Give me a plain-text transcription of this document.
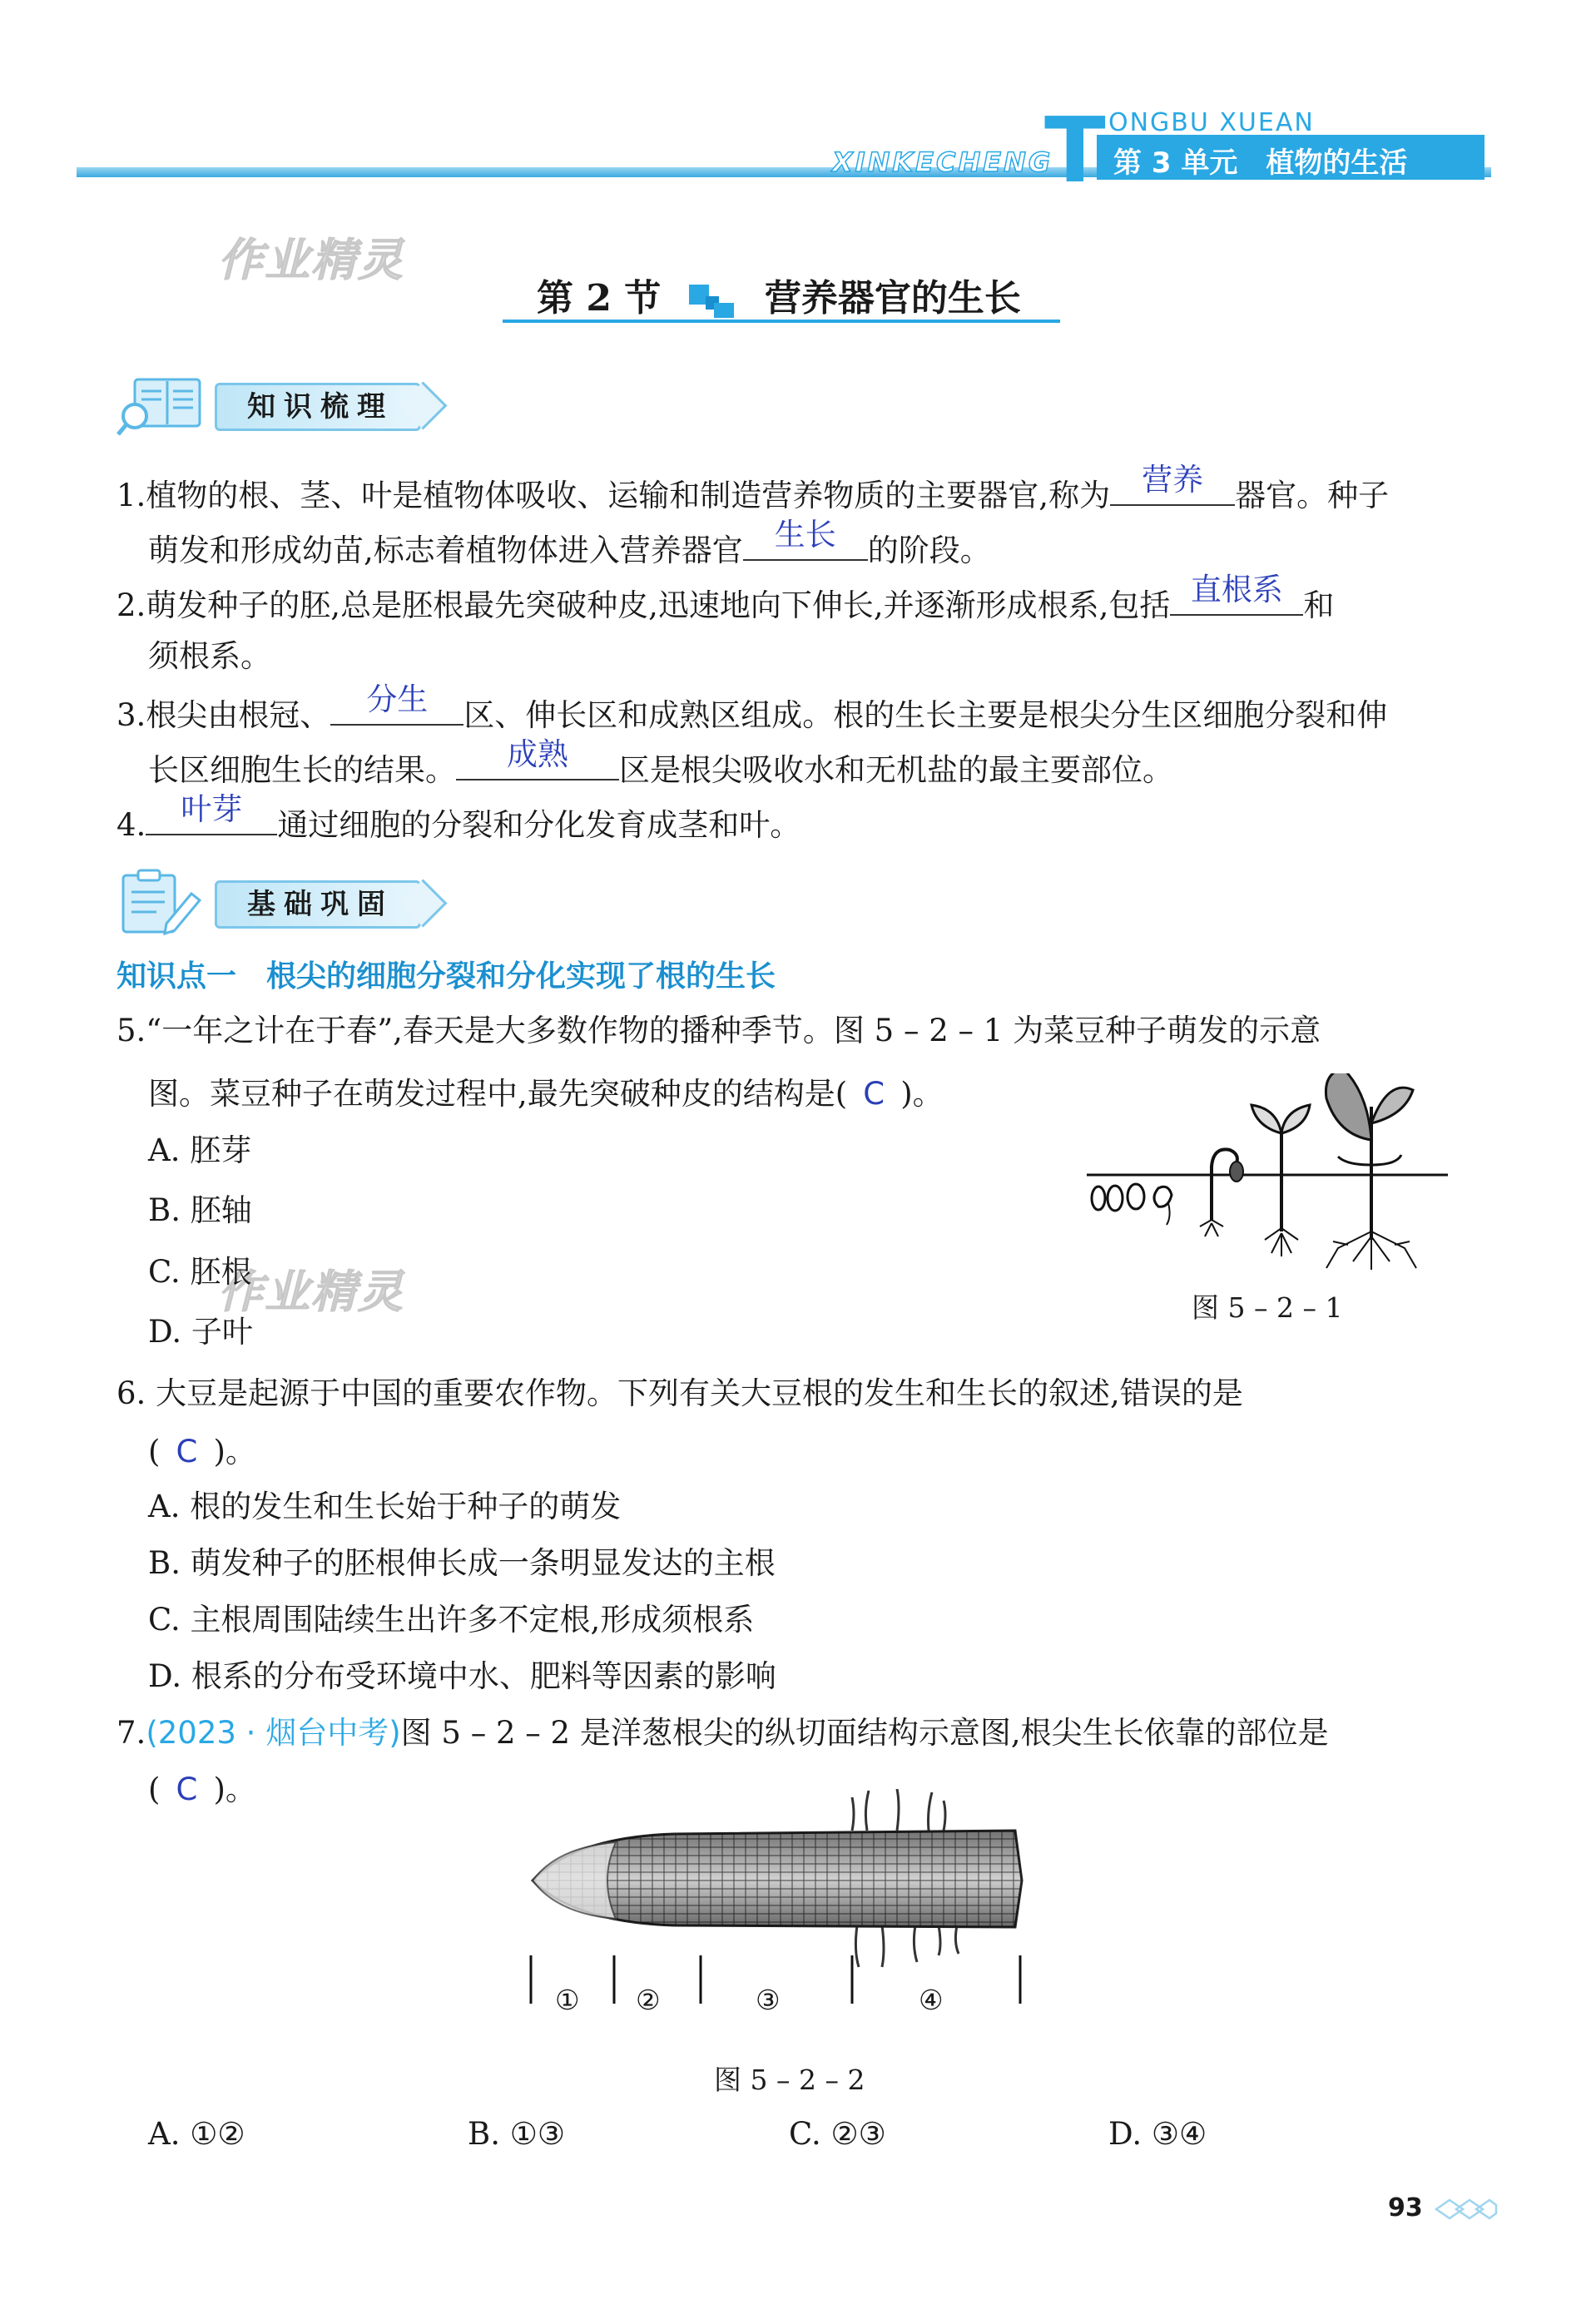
T ONGBU XUEAN
XINKECHENG 第 3 单元　植物的生活
作业精灵
作业精灵
第 2 节	营养器官的生长
知识梳理
1.植物的根、茎、叶是植物体吸收、运输和制造营养物质的主要器官,称为	营养	器官。种子
萌发和形成幼苗,标志着植物体进入营养器官	生长	的阶段。
2.萌发种子的胚,总是胚根最先突破种皮,迅速地向下伸长,并逐渐形成根系,包括 直根系 和
须根系。
3.根尖由根冠、	分生	区、伸长区和成熟区组成。根的生长主要是根尖分生区细胞分裂和伸
长区细胞生长的结果。	成熟	区是根尖吸收水和无机盐的最主要部位。
4.	叶芽	通过细胞的分裂和分化发育成茎和叶。
基础巩固
知识点一　根尖的细胞分裂和分化实现了根的生长
5.“一年之计在于春”,春天是大多数作物的播种季节。图 5 – 2 – 1 为菜豆种子萌发的示意
图。菜豆种子在萌发过程中,最先突破种皮的结构是( C )。
A. 胚芽
B. 胚轴
C. 胚根
D. 子叶
图 5 – 2 – 1
6. 大豆是起源于中国的重要农作物。下列有关大豆根的发生和生长的叙述,错误的是
( C )。
A. 根的发生和生长始于种子的萌发
B. 萌发种子的胚根伸长成一条明显发达的主根
C. 主根周围陆续生出许多不定根,形成须根系
D. 根系的分布受环境中水、肥料等因素的影响
7.(2023 · 烟台中考)图 5 – 2 – 2 是洋葱根尖的纵切面结构示意图,根尖生长依靠的部位是
( C )。
① ②	③	④
图 5 – 2 – 2
A. ①②	B. ①③	C. ②③	D. ③④
93
